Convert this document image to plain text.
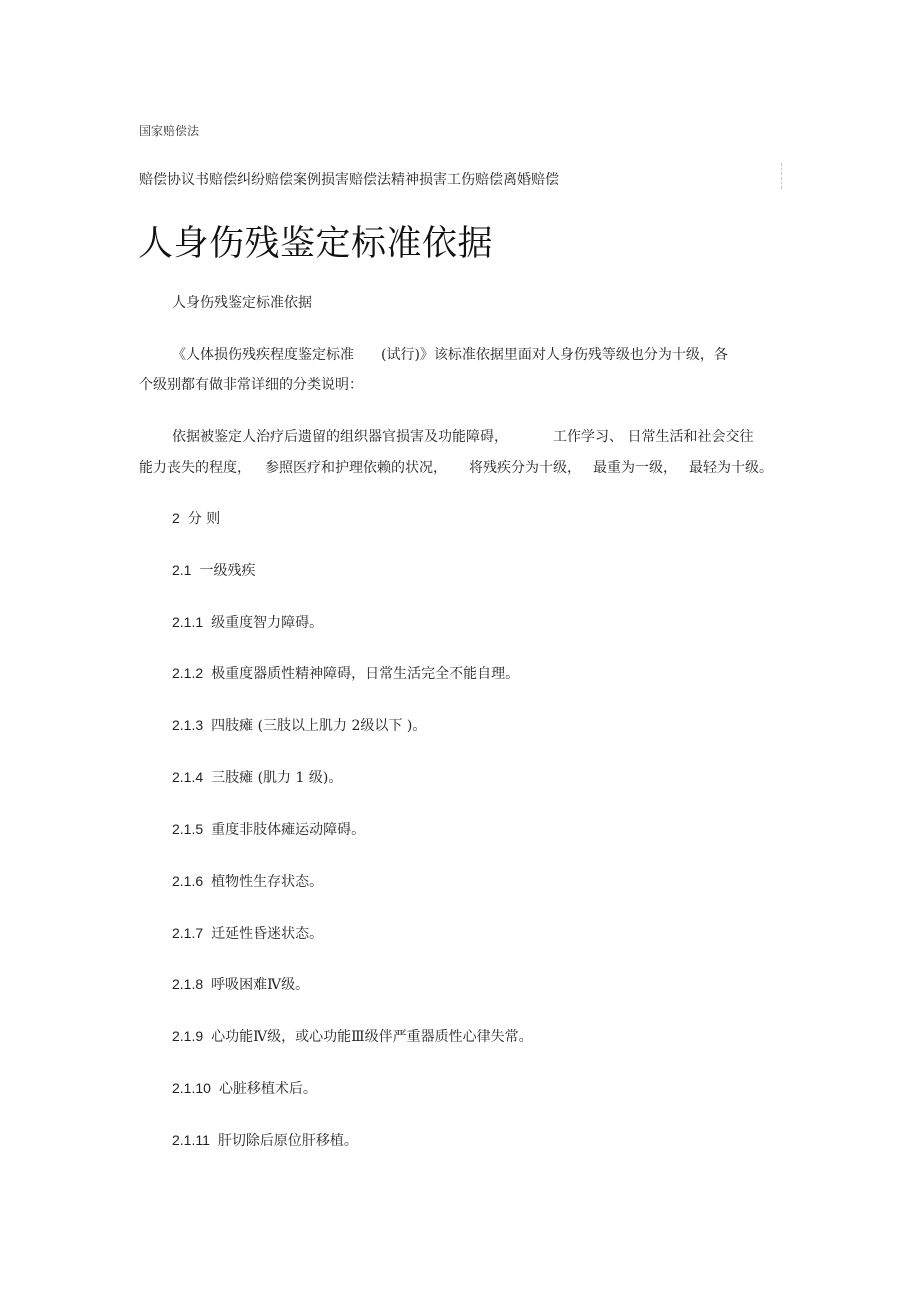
国家赔偿法
赔偿协议书赔偿纠纷赔偿案例损害赔偿法精神损害工伤赔偿离婚赔偿
人身伤残鉴定标准依据
人身伤残鉴定标准依据
《人体损伤残疾程度鉴定标准 (试行)》该标准依据里面对人身伤残等级也分为十级，各
个级别都有做非常详细的分类说明：
依据被鉴定人治疗后遗留的组织器官损害及功能障碍，	工作学习、 日常生活和社会交往
能力丧失的程度， 参照医疗和护理依赖的状况， 将残疾分为十级， 最重为一级， 最轻为十级。
2 分 则
2.1 一级残疾
2.1.1 级重度智力障碍。
2.1.2 极重度器质性精神障碍，日常生活完全不能自理。
2.1.3 四肢瘫 (三肢以上肌力 2级以下 )。
2.1.4 三肢瘫 (肌力 1 级)。
2.1.5 重度非肢体瘫运动障碍。
2.1.6 植物性生存状态。
2.1.7 迁延性昏迷状态。
2.1.8 呼吸困难Ⅳ级。
2.1.9 心功能Ⅳ级，或心功能Ⅲ级伴严重器质性心律失常。
2.1.10 心脏移植术后。
2.1.11 肝切除后原位肝移植。
